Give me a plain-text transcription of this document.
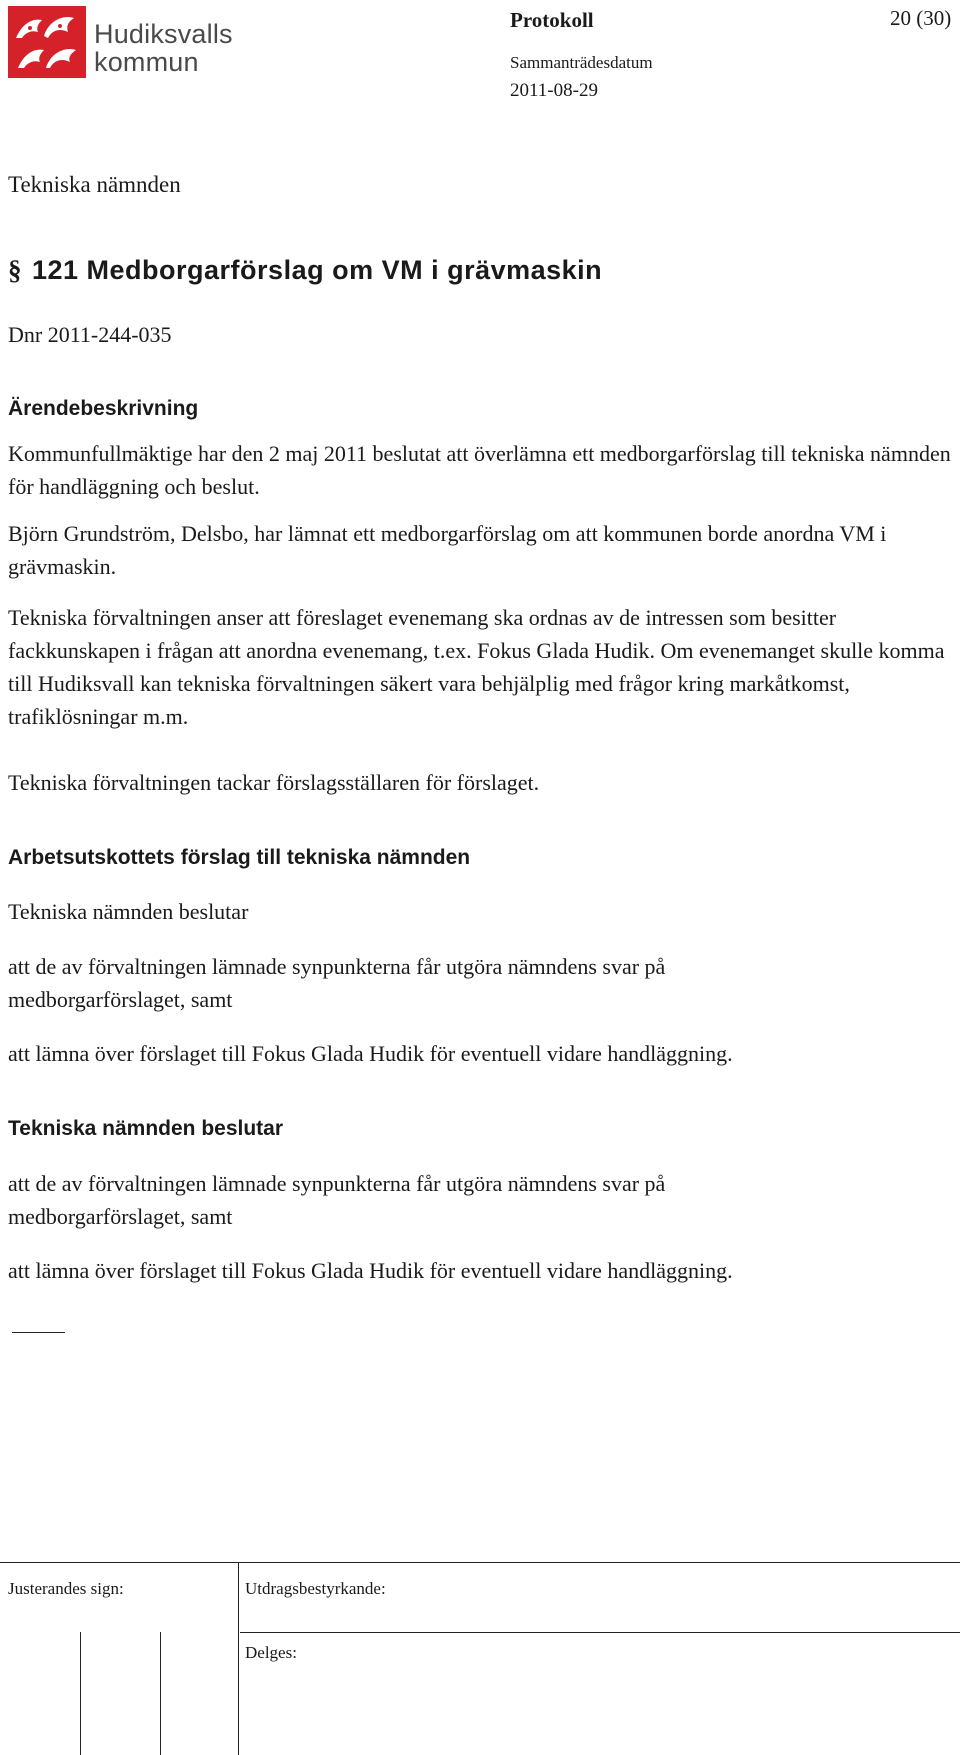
Hudiksvalls
kommun
Protokoll	20 (30)
Sammanträdesdatum
2011-08-29
Tekniska nämnden
§ 121 Medborgarförslag om VM i grävmaskin
Dnr 2011-244-035
Ärendebeskrivning
Kommunfullmäktige har den 2 maj 2011 beslutat att överlämna ett medborgarförslag till tekniska nämnden för handläggning och beslut.
Björn Grundström, Delsbo, har lämnat ett medborgarförslag om att kommunen borde anordna VM i grävmaskin.
Tekniska förvaltningen anser att föreslaget evenemang ska ordnas av de intressen som besitter fackkunskapen i frågan att anordna evenemang, t.ex. Fokus Glada Hudik. Om evenemanget skulle komma till Hudiksvall kan tekniska förvaltningen säkert vara behjälplig med frågor kring markåtkomst, trafiklösningar m.m.
Tekniska förvaltningen tackar förslagsställaren för förslaget.
Arbetsutskottets förslag till tekniska nämnden
Tekniska nämnden beslutar
att de av förvaltningen lämnade synpunkterna får utgöra nämndens svar på medborgarförslaget, samt
att lämna över förslaget till Fokus Glada Hudik för eventuell vidare handläggning.
Tekniska nämnden beslutar
att de av förvaltningen lämnade synpunkterna får utgöra nämndens svar på medborgarförslaget, samt
att lämna över förslaget till Fokus Glada Hudik för eventuell vidare handläggning.
Justerandes sign:	Utdragsbestyrkande:
Delges:
